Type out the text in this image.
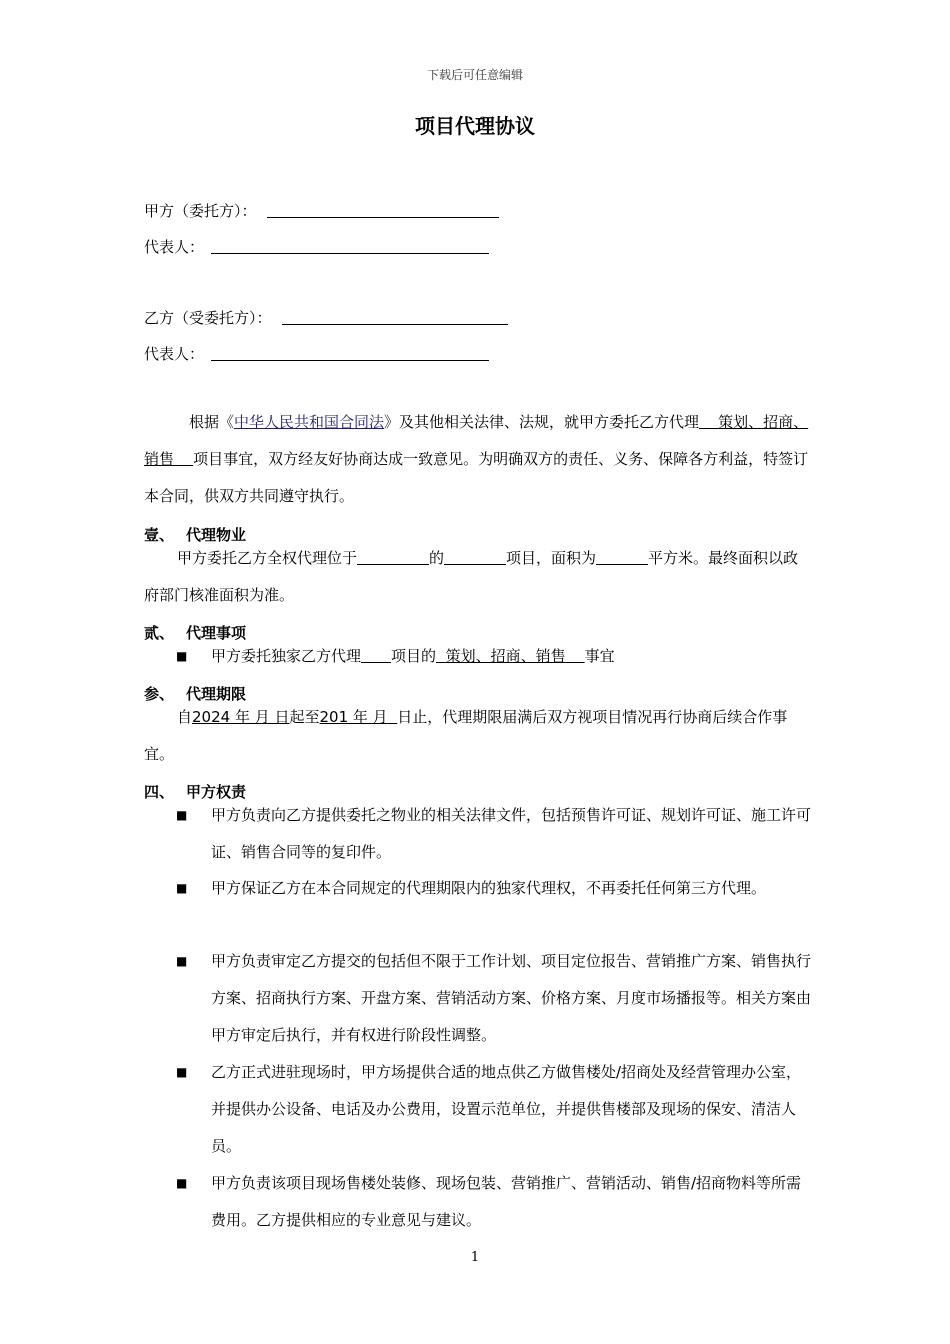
下载后可任意编辑
项目代理协议
甲方（委托方）：
代表人：
乙方（受委托方）：
代表人：
根据《中华人民共和国合同法》及其他相关法律、法规，就甲方委托乙方代理 策划、招商、销售 项目事宜，双方经友好协商达成一致意见。为明确双方的责任、义务、保障各方利益，特签订本合同，供双方共同遵守执行。
壹、 代理物业
甲方委托乙方全权代理位于	的	项目，面积为	平方米。最终面积以政府部门核准面积为准。
贰、 代理事项
■ 甲方委托独家乙方代理 项目的 策划、招商、销售 事宜
参、 代理期限
自2024 年 月 日起至201 年 月 日止，代理期限届满后双方视项目情况再行协商后续合作事宜。
四、 甲方权责
■ 甲方负责向乙方提供委托之物业的相关法律文件，包括预售许可证、规划许可证、施工许可证、销售合同等的复印件。
■ 甲方保证乙方在本合同规定的代理期限内的独家代理权，不再委托任何第三方代理。
■ 甲方负责审定乙方提交的包括但不限于工作计划、项目定位报告、营销推广方案、销售执行方案、招商执行方案、开盘方案、营销活动方案、价格方案、月度市场播报等。相关方案由甲方审定后执行，并有权进行阶段性调整。
■ 乙方正式进驻现场时，甲方场提供合适的地点供乙方做售楼处/招商处及经营管理办公室，并提供办公设备、电话及办公费用，设置示范单位，并提供售楼部及现场的保安、清洁人员。
■ 甲方负责该项目现场售楼处装修、现场包装、营销推广、营销活动、销售/招商物料等所需费用。乙方提供相应的专业意见与建议。
1
